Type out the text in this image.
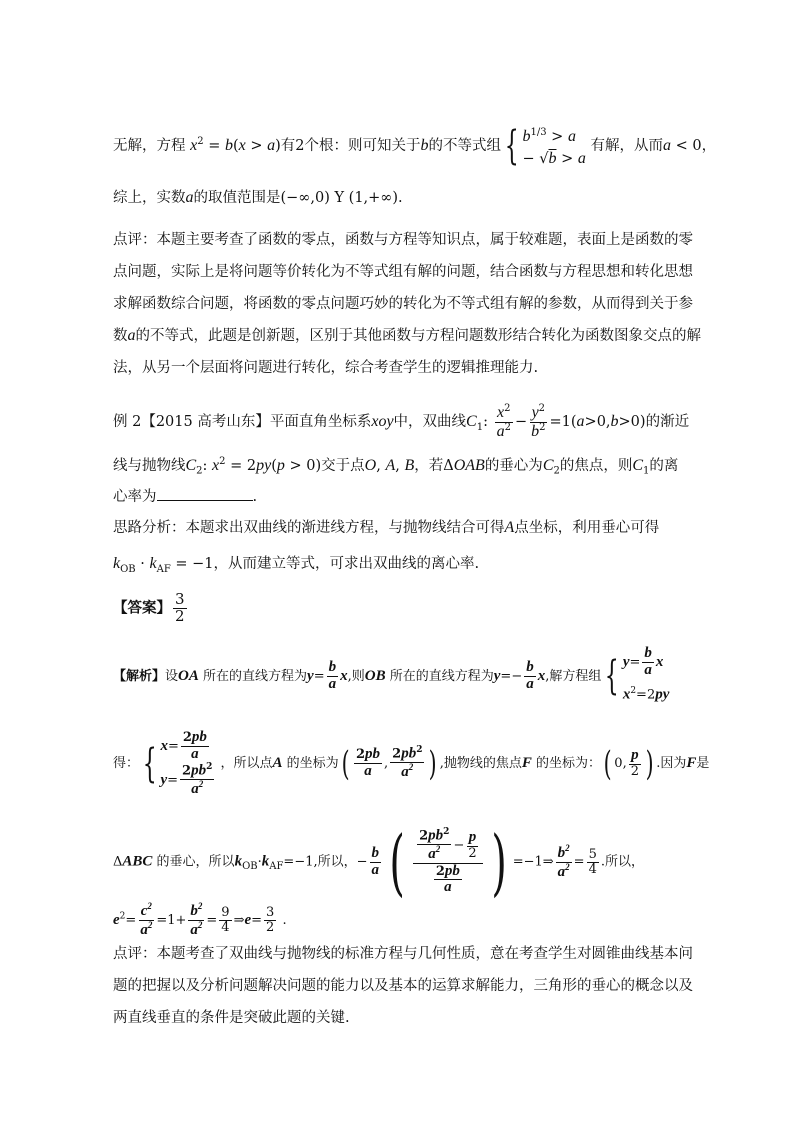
无解，方程 $x^2 = b(x > a)$有2个根：则可知关于b的不等式组{ $b^{1/3} > a$
− √b > a
有解，从而a < 0，
综上，实数a的取值范围是(−∞,0) Y (1,+∞).
点评：本题主要考查了函数的零点，函数与方程等知识点，属于较难题，表面上是函数的零
点问题，实际上是将问题等价转化为不等式组有解的问题，结合函数与方程思想和转化思想
求解函数综合问题，将函数的零点问题巧妙的转化为不等式组有解的参数，从而得到关于参
数a的不等式，此题是创新题，区别于其他函数与方程问题数形结合转化为函数图象交点的解
法，从另一个层面将问题进行转化，综合考查学生的逻辑推理能力.
例 2【2015 高考山东】平面直角坐标系xoy中，双曲线$C_1$: $\frac{x^2}{a^2} - \frac{y^2}{b^2} =1(a>0,b>0)$的渐近
线与抛物线$C_2$: $x^2 = 2py(p > 0)$交于点O, A, B，若ΔOAB的垂心为$C_2$的焦点，则$C_1$的离
心率为	.
思路分析：本题求出双曲线的渐进线方程，与抛物线结合可得A点坐标，利用垂心可得
$k_{OB} \cdot k_{AF} = -1$，从而建立等式，可求出双曲线的离心率.
【答案】 $\frac{3}{2}$
【解析】设OA 所在的直线方程为$y= \frac{b}{a} x$,则OB 所在的直线方程为$y=- \frac{b}{a} x$,解方程组{ $y= \frac{b}{a}$ x
$x^2=2py$
得：{ $x= \frac{2pb}{a}$
$y= \frac{2pb^2}{a^2}$ ，所以点A 的坐标为( $\frac{2pb}{a}$ , $\frac{2pb^2}{a^2}$ ) ,抛物线的焦点F 的坐标为：( 0, $\frac{p}{2}$ ) .因为F是
ΔABC 的垂心，所以$k_{OB}\cdot k_{AF}=-1$,所以，− $\frac{b}{a}$ ( $\frac{\frac{2pb^2}{a^2} - \frac{p}{2}}{\frac{2pb}{a}}$ ) =−1⇒ $\frac{b^2}{a^2} = \frac{5}{4}$ .所以，
$e^2= \frac{c^2}{a^2} =1+ \frac{b^2}{a^2} = \frac{9}{4}$ ⇒e= $\frac{3}{2}$ .
点评：本题考查了双曲线与抛物线的标准方程与几何性质，意在考查学生对圆锥曲线基本问
题的把握以及分析问题解决问题的能力以及基本的运算求解能力，三角形的垂心的概念以及
两直线垂直的条件是突破此题的关键.
